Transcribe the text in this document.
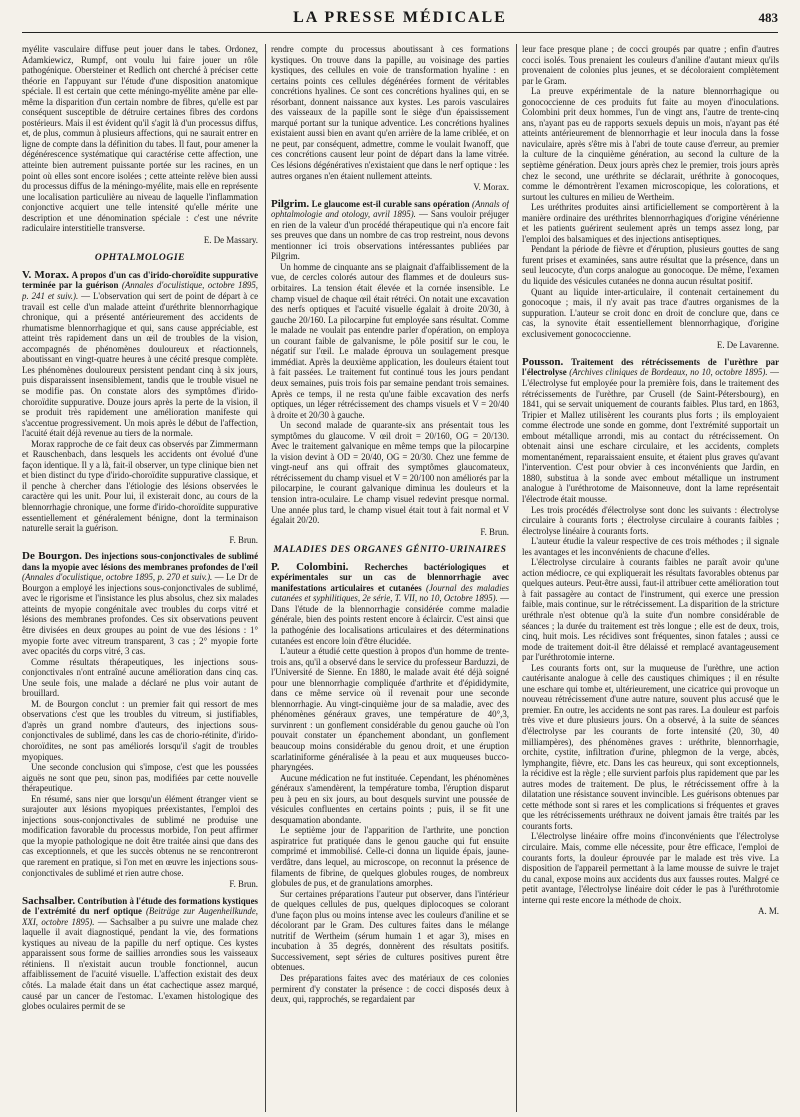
LA PRESSE MÉDICALE	483

myélite vasculaire diffuse peut jouer dans le tabes. Ordonez, Adamkiewicz, Rumpf, ont voulu lui faire jouer un rôle pathogénique. Obersteiner et Redlich ont cherché à préciser cette théorie en l'appuyant sur l'étude d'une disposition anatomique spéciale. Il est certain que cette méningo-myélite amène par elle-même la disparition d'un certain nombre de fibres, qu'elle est par conséquent susceptible de détruire certaines fibres des cordons postérieurs. Mais il est évident qu'il s'agit là d'un processus diffus, et, de plus, commun à plusieurs affections, qui ne saurait entrer en ligne de compte dans la définition du tabes. Il faut, pour amener la dégénérescence systématique qui caractérise cette affection, une atteinte bien autrement puissante portée sur les racines, en un point où elles sont encore isolées ; cette atteinte relève bien aussi du processus diffus de la méningo-myélite, mais elle en représente une localisation particulière au niveau de laquelle l'inflammation conjonctive acquiert une telle intensité qu'elle mérite une description et une dénomination spéciale : c'est une névrite radiculaire interstitielle transverse.

E. De Massary.

OPHTALMOLOGIE

V. Morax. A propos d'un cas d'irido-choroïdite suppurative terminée par la guérison (Annales d'oculistique, octobre 1895, p. 241 et suiv.). — L'observation qui sert de point de départ à ce travail est celle d'un malade atteint d'uréthrite blennorrhagique chronique, qui a présenté antérieurement des accidents de rhumatisme blennorrhagique et qui, sans cause appréciable, est atteint très rapidement dans un œil de troubles de la vision, accompagnés de phénomènes douloureux et réactionnels, aboutissant en vingt-quatre heures à une cécité presque complète. Les phénomènes douloureux persistent pendant cinq à six jours, puis disparaissent insensiblement, tandis que le trouble visuel ne se modifie pas. On constate alors des symptômes d'irido-choroïdite suppurative. Douze jours après la perte de la vision, il se produit très rapidement une amélioration manifeste qui s'accentue progressivement. Un mois après le début de l'affection, l'acuité était déjà revenue au tiers de la normale.

Morax rapproche de ce fait deux cas observés par Zimmermann et Rauschenbach, dans lesquels les accidents ont évolué d'une façon identique. Il y a là, fait-il observer, un type clinique bien net et bien distinct du type d'irido-choroïdite suppurative classique, et il penche à chercher dans l'étiologie des lésions observées le caractère qui les unit. Pour lui, il existerait donc, au cours de la blennorrhagie chronique, une forme d'irido-choroïdite suppurative essentiellement et généralement bénigne, dont la terminaison naturelle serait la guérison.

F. Brun.

De Bourgon. Des injections sous-conjonctivales de sublimé dans la myopie avec lésions des membranes profondes de l'œil (Annales d'oculistique, octobre 1895, p. 270 et suiv.). — Le Dr de Bourgon a employé les injections sous-conjonctivales de sublimé, avec le rigorisme et l'insistance les plus absolus, chez six malades atteints de myopie congénitale avec troubles du corps vitré et lésions des membranes profondes. Ces six observations peuvent être divisées en deux groupes au point de vue des lésions : 1° myopie forte avec vitreum transparent, 3 cas ; 2° myopie forte avec opacités du corps vitré, 3 cas.

Comme résultats thérapeutiques, les injections sous-conjonctivales n'ont entraîné aucune amélioration dans cinq cas. Une seule fois, une malade a déclaré ne plus voir autant de brouillard.

M. de Bourgon conclut : un premier fait qui ressort de mes observations c'est que les troubles du vitreum, si justifiables, d'après un grand nombre d'auteurs, des injections sous-conjonctivales de sublimé, dans les cas de chorio-rétinite, d'irido-choroïdites, ne sont pas améliorés lorsqu'il s'agit de troubles myopiques.

Une seconde conclusion qui s'impose, c'est que les poussées aiguës ne sont que peu, sinon pas, modifiées par cette nouvelle thérapeutique.

En résumé, sans nier que lorsqu'un élément étranger vient se surajouter aux lésions myopiques préexistantes, l'emploi des injections sous-conjonctivales de sublimé ne produise une modification favorable du processus morbide, l'on peut affirmer que la myopie pathologique ne doit être traitée ainsi que dans des cas exceptionnels, et que les succès obtenus ne se rencontreront que rarement en pratique, si l'on met en œuvre les injections sous-conjonctivales de sublimé et rien autre chose.

F. Brun.

Sachsalber. Contribution à l'étude des formations kystiques de l'extrémité du nerf optique (Beiträge zur Augenheilkunde, XXI, octobre 1895). — Sachsalber a pu suivre une malade chez laquelle il avait diagnostiqué, pendant la vie, des formations kystiques au niveau de la papille du nerf optique. Ces kystes apparaissent sous forme de saillies arrondies sous les vaisseaux rétiniens. Il n'existait aucun trouble fonctionnel, aucun affaiblissement de l'acuité visuelle. L'affection existait des deux côtés. La malade était dans un état cachectique assez marqué, causé par un cancer de l'estomac. L'examen histologique des globes oculaires permit de se

rendre compte du processus aboutissant à ces formations kystiques. On trouve dans la papille, au voisinage des parties kystiques, des cellules en voie de transformation hyaline : en certains points ces cellules dégénérées forment de véritables concrétions hyalines. Ce sont ces concrétions hyalines qui, en se résorbant, donnent naissance aux kystes. Les parois vasculaires des vaisseaux de la papille sont le siège d'un épaississement marqué portant sur la tunique adventice. Les concrétions hyalines existaient aussi bien en avant qu'en arrière de la lame criblée, et on ne peut, par conséquent, admettre, comme le voulait Iwanoff, que ces concrétions causent leur point de départ dans la lame vitrée. Ces lésions dégénératives n'existaient que dans le nerf optique : les autres organes n'en étaient nullement atteints.

V. Morax.

Pilgrim. Le glaucome est-il curable sans opération (Annals of ophtalmologie and otology, avril 1895). — Sans vouloir préjuger en rien de la valeur d'un procédé thérapeutique qui n'a encore fait ses preuves que dans un nombre de cas trop restreint, nous devons mentionner ici trois observations intéressantes publiées par Pilgrim.

Un homme de cinquante ans se plaignait d'affaiblissement de la vue, de cercles colorés autour des flammes et de douleurs sus-orbitaires. La tension était élevée et la cornée insensible. Le champ visuel de chaque œil était rétréci. On notait une excavation des nerfs optiques et l'acuité visuelle égalait à droite 20/30, à gauche 20/160. La pilocarpine fut employée sans résultat. Comme le malade ne voulait pas entendre parler d'opération, on employa un courant faible de galvanisme, le pôle positif sur le cou, le négatif sur l'œil. Le malade éprouva un soulagement presque immédiat. Après la deuxième application, les douleurs étaient tout à fait passées. Le traitement fut continué tous les jours pendant deux semaines, puis trois fois par semaine pendant trois semaines. Après ce temps, il ne resta qu'une faible excavation des nerfs optiques, un léger rétrécissement des champs visuels et V = 20/40 à droite et 20/30 à gauche.

Un second malade de quarante-six ans présentait tous les symptômes du glaucome. V œil droit = 20/160, OG = 20/130. Avec le traitement galvanique en même temps que la pilocarpine la vision devint à OD = 20/40, OG = 20/30. Chez une femme de vingt-neuf ans qui offrait des symptômes glaucomateux, rétrécissement du champ visuel et V = 20/100 non améliorés par la pilocarpine, le courant galvanique diminua les douleurs et la tension intra-oculaire. Le champ visuel redevint presque normal. Une année plus tard, le champ visuel était tout à fait normal et V égalait 20/20.

F. Brun.

MALADIES DES ORGANES GÉNITO-URINAIRES

P. Colombini. Recherches bactériologiques et expérimentales sur un cas de blennorrhagie avec manifestations articulaires et cutanées (Journal des maladies cutanées et syphilitiques, 2e série, T. VII, no 10, Octobre 1895). — Dans l'étude de la blennorrhagie considérée comme maladie générale, bien des points restent encore à éclaircir. C'est ainsi que la pathogénie des localisations articulaires et des déterminations cutanées est encore loin d'être élucidée.

L'auteur a étudié cette question à propos d'un homme de trente-trois ans, qu'il a observé dans le service du professeur Barduzzi, de l'Université de Sienne. En 1880, le malade avait été déjà soigné pour une blennorrhagie compliquée d'arthrite et d'épididymite, dans ce même service où il revenait pour une seconde blennorrhagie. Au vingt-cinquième jour de sa maladie, avec des phénomènes généraux graves, une température de 40°,3, survinrent : un gonflement considérable du genou gauche où l'on pouvait constater un épanchement abondant, un gonflement beaucoup moins considérable du genou droit, et une éruption scarlatiniforme généralisée à la peau et aux muqueuses bucco-pharyngées.

Aucune médication ne fut instituée. Cependant, les phénomènes généraux s'amendèrent, la température tomba, l'éruption disparut peu à peu en six jours, au bout desquels survint une poussée de vésicules confluentes en certains points ; puis, il se fit une desquamation abondante.

Le septième jour de l'apparition de l'arthrite, une ponction aspiratrice fut pratiquée dans le genou gauche qui fut ensuite comprimé et immobilisé. Celle-ci donna un liquide épais, jaune-verdâtre, dans lequel, au microscope, on reconnut la présence de filaments de fibrine, de quelques globules rouges, de nombreux globules de pus, et de granulations amorphes.

Sur certaines préparations l'auteur put observer, dans l'intérieur de quelques cellules de pus, quelques diplocoques se colorant d'une façon plus ou moins intense avec les couleurs d'aniline et se décolorant par le Gram. Des cultures faites dans le mélange nutritif de Wertheim (sérum humain 1 et agar 3), mises en incubation à 35 degrés, donnèrent des résultats positifs. Successivement, sept séries de cultures positives purent être obtenues.

Des préparations faites avec des matériaux de ces colonies permirent d'y constater la présence : de cocci disposés deux à deux, qui, rapprochés, se regardaient par

leur face presque plane ; de cocci groupés par quatre ; enfin d'autres cocci isolés. Tous prenaient les couleurs d'aniline d'autant mieux qu'ils provenaient de colonies plus jeunes, et se décoloraient complètement par le Gram.

La preuve expérimentale de la nature blennorrhagique ou gonococcienne de ces produits fut faite au moyen d'inoculations. Colombini prit deux hommes, l'un de vingt ans, l'autre de trente-cinq ans, n'ayant pas eu de rapports sexuels depuis un mois, n'ayant pas été atteints antérieurement de blennorrhagie et leur inocula dans la fosse naviculaire, après s'être mis à l'abri de toute cause d'erreur, au premier la culture de la cinquième génération, au second la culture de la septième génération. Deux jours après chez le premier, trois jours après chez le second, une uréthrite se déclarait, uréthrite à gonocoques, comme le démontrèrent l'examen microscopique, les colorations, et surtout les cultures en milieu de Wertheim.

Les uréthrites produites ainsi artificiellement se comportèrent à la manière ordinaire des uréthrites blennorrhagiques d'origine vénérienne et les patients guérirent seulement après un temps assez long, par l'emploi des balsamiques et des injections antiseptiques.

Pendant la période de fièvre et d'éruption, plusieurs gouttes de sang furent prises et examinées, sans autre résultat que la présence, dans un seul leucocyte, d'un corps analogue au gonocoque. De même, l'examen du liquide des vésicules cutanées ne donna aucun résultat positif.

Quant au liquide inter-articulaire, il contenait certainement du gonocoque ; mais, il n'y avait pas trace d'autres organismes de la suppuration. L'auteur se croit donc en droit de conclure que, dans ce cas, la synovite était essentiellement blennorrhagique, d'origine exclusivement gonococcienne.

E. De Lavarenne.

Pousson. Traitement des rétrécissements de l'urèthre par l'électrolyse (Archives cliniques de Bordeaux, no 10, octobre 1895). — L'électrolyse fut employée pour la première fois, dans le traitement des rétrécissements de l'urèthre, par Crusell (de Saint-Pétersbourg), en 1841, qui se servait uniquement de courants faibles. Plus tard, en 1863, Tripier et Mallez utilisèrent les courants plus forts ; ils employaient comme électrode une sonde en gomme, dont l'extrémité supportait un embout métallique arrondi, mis au contact du rétrécissement. On obtenait ainsi une eschare circulaire, et les accidents, complets momentanément, reparaissaient ensuite, et étaient plus graves qu'avant l'intervention. C'est pour obvier à ces inconvénients que Jardin, en 1880, substitua à la sonde avec embout métallique un instrument analogue à l'uréthrotome de Maisonneuve, dont la lame représentait l'électrode était mousse.

Les trois procédés d'électrolyse sont donc les suivants : électrolyse circulaire à courants forts ; électrolyse circulaire à courants faibles ; électrolyse linéaire à courants forts.

L'auteur étudie la valeur respective de ces trois méthodes ; il signale les avantages et les inconvénients de chacune d'elles.

L'électrolyse circulaire à courants faibles ne paraît avoir qu'une action médiocre, ce qui expliquerait les résultats favorables obtenus par quelques auteurs. Peut-être aussi, faut-il attribuer cette amélioration tout à fait passagère au contact de l'instrument, qui exerce une pression faible, mais continue, sur le rétrécissement. La disparition de la stricture uréthrale n'est obtenue qu'à la suite d'un nombre considérable de séances ; la durée du traitement est très longue ; elle est de deux, trois, cinq, huit mois. Les récidives sont fréquentes, sinon fatales ; aussi ce mode de traitement doit-il être délaissé et remplacé avantageusement par l'uréthrotomie interne.

Les courants forts ont, sur la muqueuse de l'urèthre, une action cautérisante analogue à celle des caustiques chimiques ; il en résulte une eschare qui tombe et, ultérieurement, une cicatrice qui provoque un nouveau rétrécissement d'une autre nature, souvent plus accusé que le premier. En outre, les accidents ne sont pas rares. La douleur est parfois très vive et dure plusieurs jours. On a observé, à la suite de séances d'électrolyse par les courants de forte intensité (20, 30, 40 milliampères), des phénomènes graves : uréthrite, blennorrhagie, orchite, cystite, infiltration d'urine, phlegmon de la verge, abcès, lymphangite, fièvre, etc. Dans les cas heureux, qui sont exceptionnels, la récidive est la règle ; elle survient parfois plus rapidement que par les autres modes de traitement. De plus, le rétrécissement offre à la dilatation une résistance souvent invincible. Les guérisons obtenues par cette méthode sont si rares et les complications si fréquentes et graves que les rétrécissements uréthraux ne doivent jamais être traités par les courants forts.

L'électrolyse linéaire offre moins d'inconvénients que l'électrolyse circulaire. Mais, comme elle nécessite, pour être efficace, l'emploi de courants forts, la douleur éprouvée par le malade est très vive. La disposition de l'appareil permettant à la lame mousse de suivre le trajet du canal, expose moins aux accidents dus aux fausses routes. Malgré ce petit avantage, l'électrolyse linéaire doit céder le pas à l'uréthrotomie interne qui reste encore la méthode de choix.

A. M.
